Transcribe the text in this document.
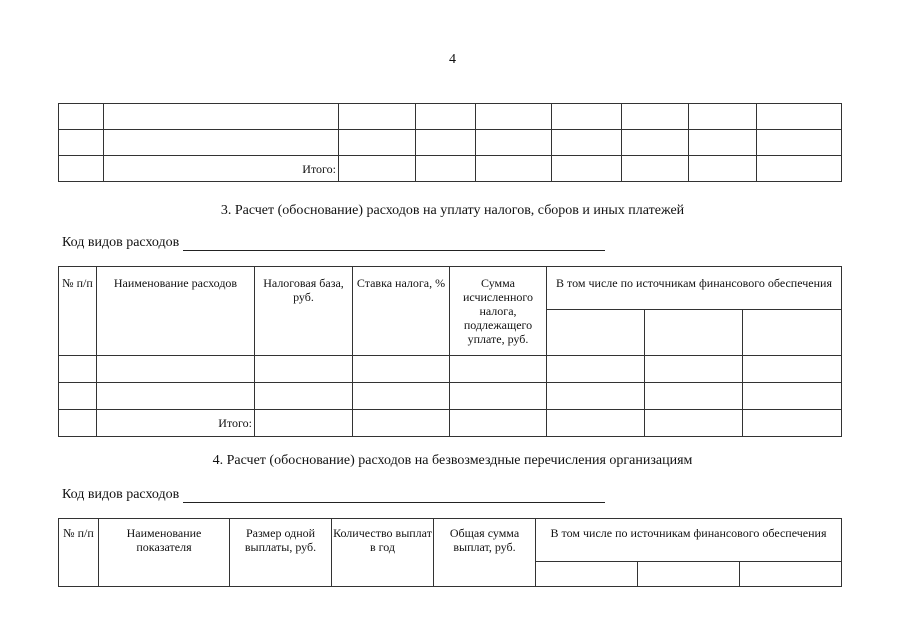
4

	Итого:							
3. Расчет (обоснование) расходов на уплату налогов, сборов и иных платежей
Код видов расходов
№ п/п	Наименование расходов	Налоговая база, руб.	Ставка налога, %	Сумма исчисленного налога, подлежащего уплате, руб.	В том числе по источникам финансового обеспечения		

	Итого:						
4. Расчет (обоснование) расходов на безвозмездные перечисления организациям
Код видов расходов
№ п/п	Наименование показателя	Размер одной выплаты, руб.	Количество выплат в год	Общая сумма выплат, руб.	В том числе по источникам финансового обеспечения		
